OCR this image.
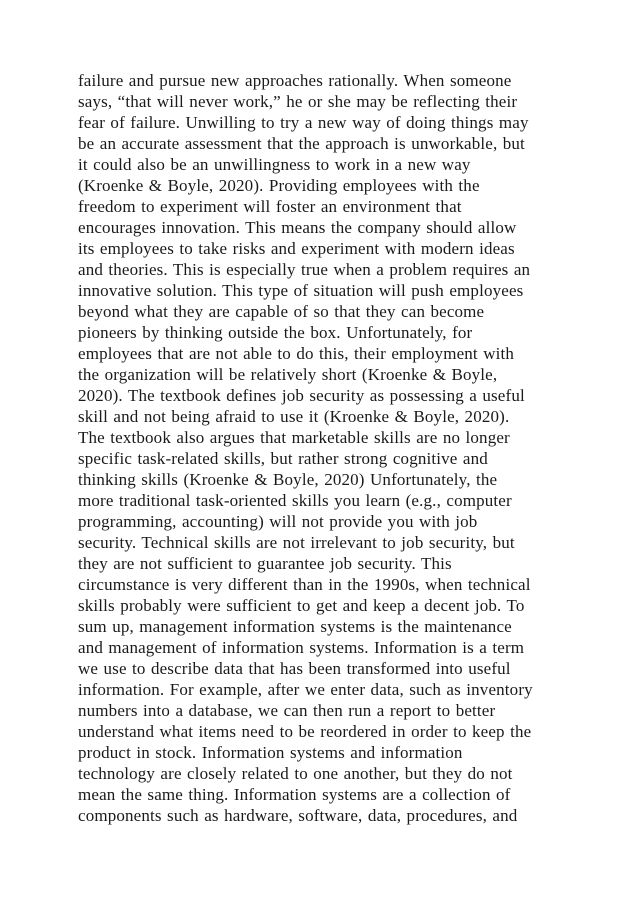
failure and pursue new approaches rationally. When someone
says, “that will never work,” he or she may be reflecting their
fear of failure. Unwilling to try a new way of doing things may
be an accurate assessment that the approach is unworkable, but
it could also be an unwillingness to work in a new way
(Kroenke & Boyle, 2020). Providing employees with the
freedom to experiment will foster an environment that
encourages innovation. This means the company should allow
its employees to take risks and experiment with modern ideas
and theories. This is especially true when a problem requires an
innovative solution. This type of situation will push employees
beyond what they are capable of so that they can become
pioneers by thinking outside the box. Unfortunately, for
employees that are not able to do this, their employment with
the organization will be relatively short (Kroenke & Boyle,
2020). The textbook defines job security as possessing a useful
skill and not being afraid to use it (Kroenke & Boyle, 2020).
The textbook also argues that marketable skills are no longer
specific task-related skills, but rather strong cognitive and
thinking skills (Kroenke & Boyle, 2020) Unfortunately, the
more traditional task-oriented skills you learn (e.g., computer
programming, accounting) will not provide you with job
security. Technical skills are not irrelevant to job security, but
they are not sufficient to guarantee job security. This
circumstance is very different than in the 1990s, when technical
skills probably were sufficient to get and keep a decent job. To
sum up, management information systems is the maintenance
and management of information systems. Information is a term
we use to describe data that has been transformed into useful
information. For example, after we enter data, such as inventory
numbers into a database, we can then run a report to better
understand what items need to be reordered in order to keep the
product in stock. Information systems and information
technology are closely related to one another, but they do not
mean the same thing. Information systems are a collection of
components such as hardware, software, data, procedures, and
